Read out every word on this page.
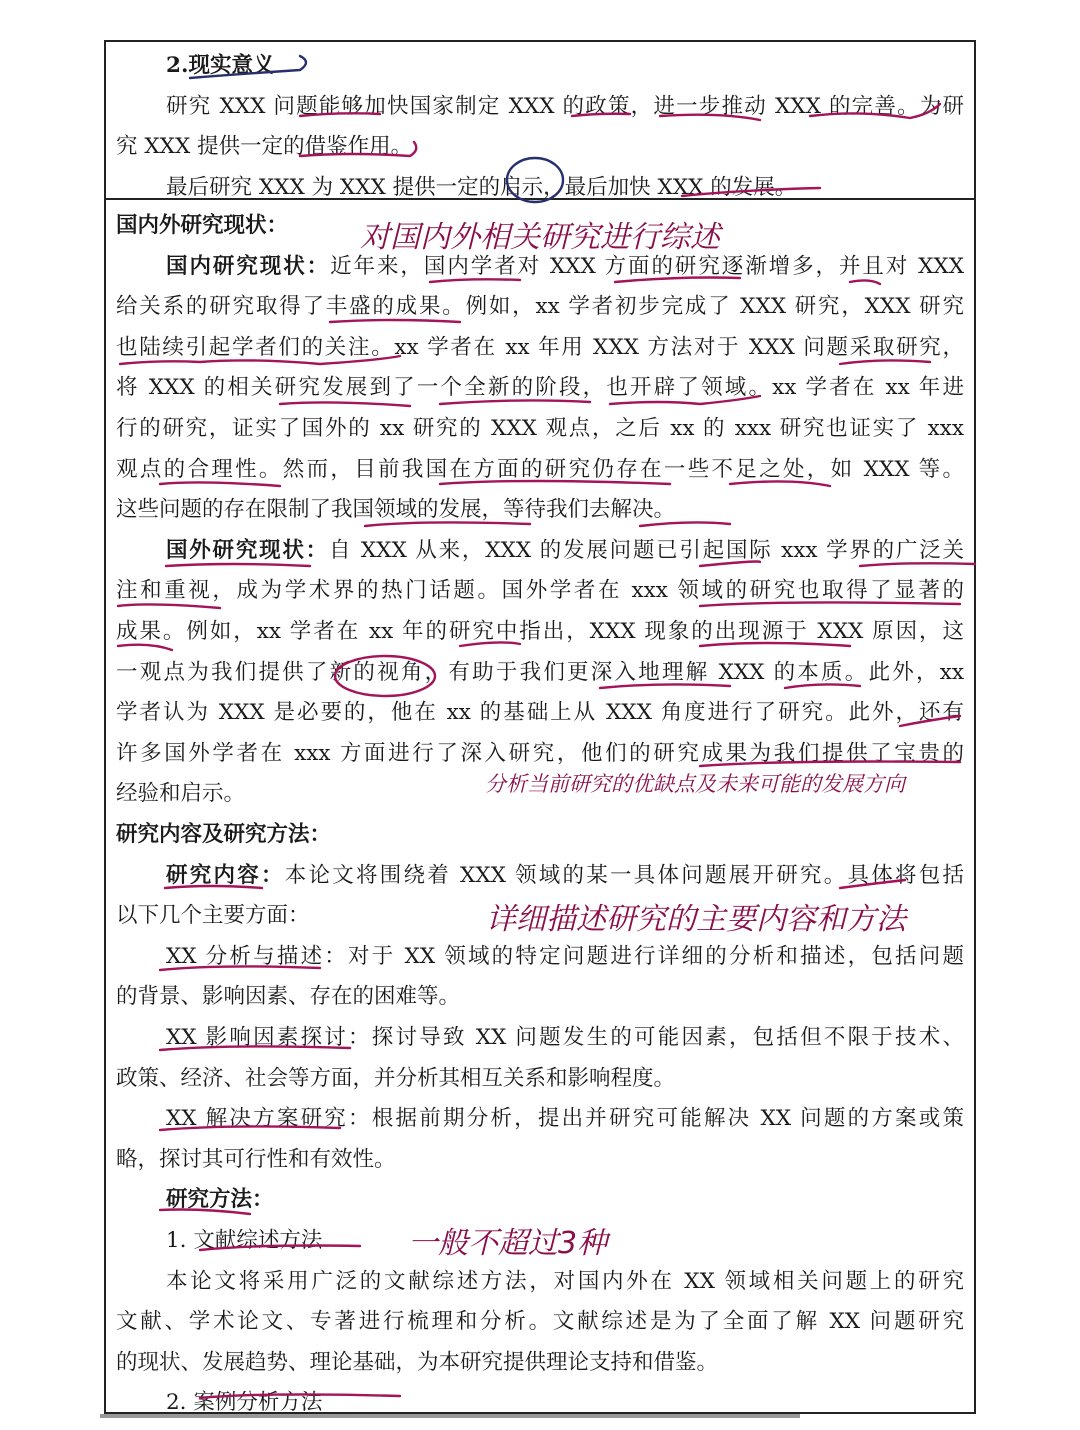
2.现实意义
研究 XXX 问题能够加快国家制定 XXX 的政策，进一步推动 XXX 的完善。为研
究 XXX 提供一定的借鉴作用。
最后研究 XXX 为 XXX 提供一定的启示，最后加快 XXX 的发展。
国内外研究现状：
国内研究现状：近年来，国内学者对 XXX 方面的研究逐渐增多，并且对 XXX
给关系的研究取得了丰盛的成果。例如，xx 学者初步完成了 XXX 研究，XXX 研究
也陆续引起学者们的关注。xx 学者在 xx 年用 XXX 方法对于 XXX 问题采取研究，
将 XXX 的相关研究发展到了一个全新的阶段，也开辟了领域。xx 学者在 xx 年进
行的研究，证实了国外的 xx 研究的 XXX 观点，之后 xx 的 xxx 研究也证实了 xxx
观点的合理性。然而，目前我国在方面的研究仍存在一些不足之处，如 XXX 等。
这些问题的存在限制了我国领域的发展，等待我们去解决。
国外研究现状：自 XXX 从来，XXX 的发展问题已引起国际 xxx 学界的广泛关
注和重视，成为学术界的热门话题。国外学者在 xxx 领域的研究也取得了显著的
成果。例如，xx 学者在 xx 年的研究中指出，XXX 现象的出现源于 XXX 原因，这
一观点为我们提供了新的视角，有助于我们更深入地理解 XXX 的本质。此外，xx
学者认为 XXX 是必要的，他在 xx 的基础上从 XXX 角度进行了研究。此外，还有
许多国外学者在 xxx 方面进行了深入研究，他们的研究成果为我们提供了宝贵的
经验和启示。
研究内容及研究方法：
研究内容：本论文将围绕着 XXX 领域的某一具体问题展开研究。具体将包括
以下几个主要方面：
XX 分析与描述：对于 XX 领域的特定问题进行详细的分析和描述，包括问题
的背景、影响因素、存在的困难等。
XX 影响因素探讨：探讨导致 XX 问题发生的可能因素，包括但不限于技术、
政策、经济、社会等方面，并分析其相互关系和影响程度。
XX 解决方案研究：根据前期分析，提出并研究可能解决 XX 问题的方案或策
略，探讨其可行性和有效性。
研究方法：
1. 文献综述方法
本论文将采用广泛的文献综述方法，对国内外在 XX 领域相关问题上的研究
文献、学术论文、专著进行梳理和分析。文献综述是为了全面了解 XX 问题研究
的现状、发展趋势、理论基础，为本研究提供理论支持和借鉴。
2. 案例分析方法
对国内外相关研究进行综述
分析当前研究的优缺点及未来可能的发展方向
详细描述研究的主要内容和方法
一般不超过3种
